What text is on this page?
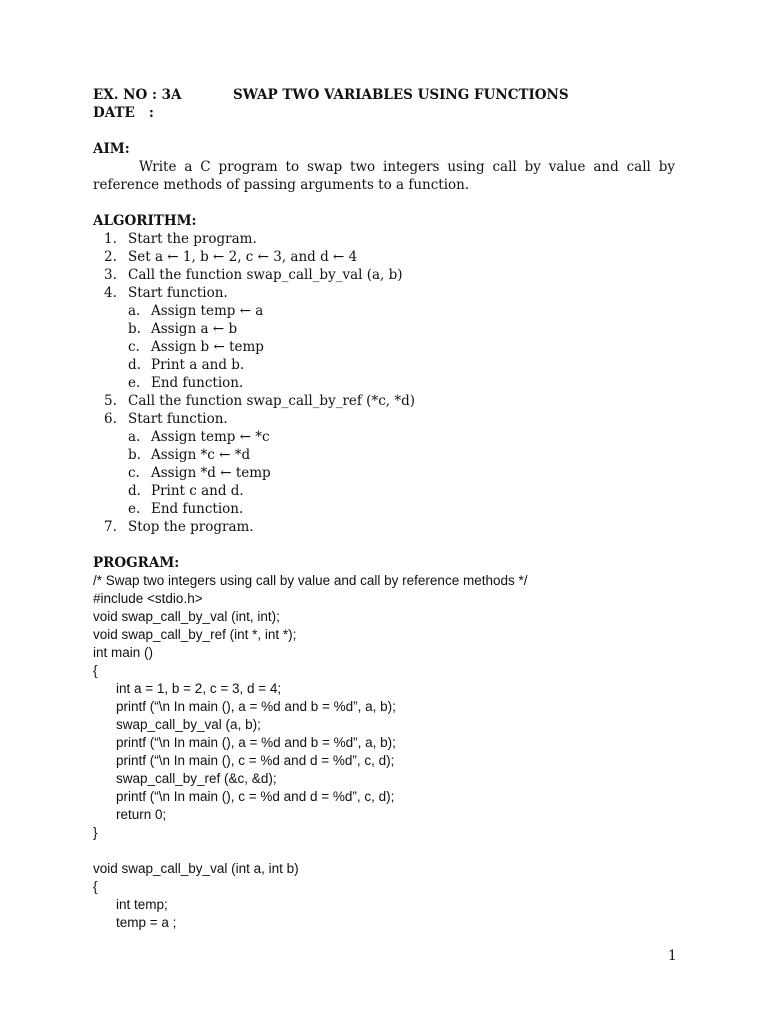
EX. NO : 3A	SWAP TWO VARIABLES USING FUNCTIONS
DATE   :
AIM:
Write a C program to swap two integers using call by value and call by reference methods of passing arguments to a function.
ALGORITHM:
1. Start the program.
2. Set a ← 1, b ← 2, c ← 3, and d ← 4
3. Call the function swap_call_by_val (a, b)
4. Start function.
a. Assign temp ← a
b. Assign a ← b
c. Assign b ← temp
d. Print a and b.
e. End function.
5. Call the function swap_call_by_ref (*c, *d)
6. Start function.
a. Assign temp ← *c
b. Assign *c ← *d
c. Assign *d ← temp
d. Print c and d.
e. End function.
7. Stop the program.
PROGRAM:
/* Swap two integers using call by value and call by reference methods */
#include <stdio.h>
void swap_call_by_val (int, int);
void swap_call_by_ref (int *, int *);
int main ()
{
int a = 1, b = 2, c = 3, d = 4;
printf (“\n In main (), a = %d and b = %d”, a, b);
swap_call_by_val (a, b);
printf (“\n In main (), a = %d and b = %d”, a, b);
printf (“\n In main (), c = %d and d = %d”, c, d);
swap_call_by_ref (&c, &d);
printf (“\n In main (), c = %d and d = %d”, c, d);
return 0;
}
void swap_call_by_val (int a, int b)
{
int temp;
temp = a ;
1
